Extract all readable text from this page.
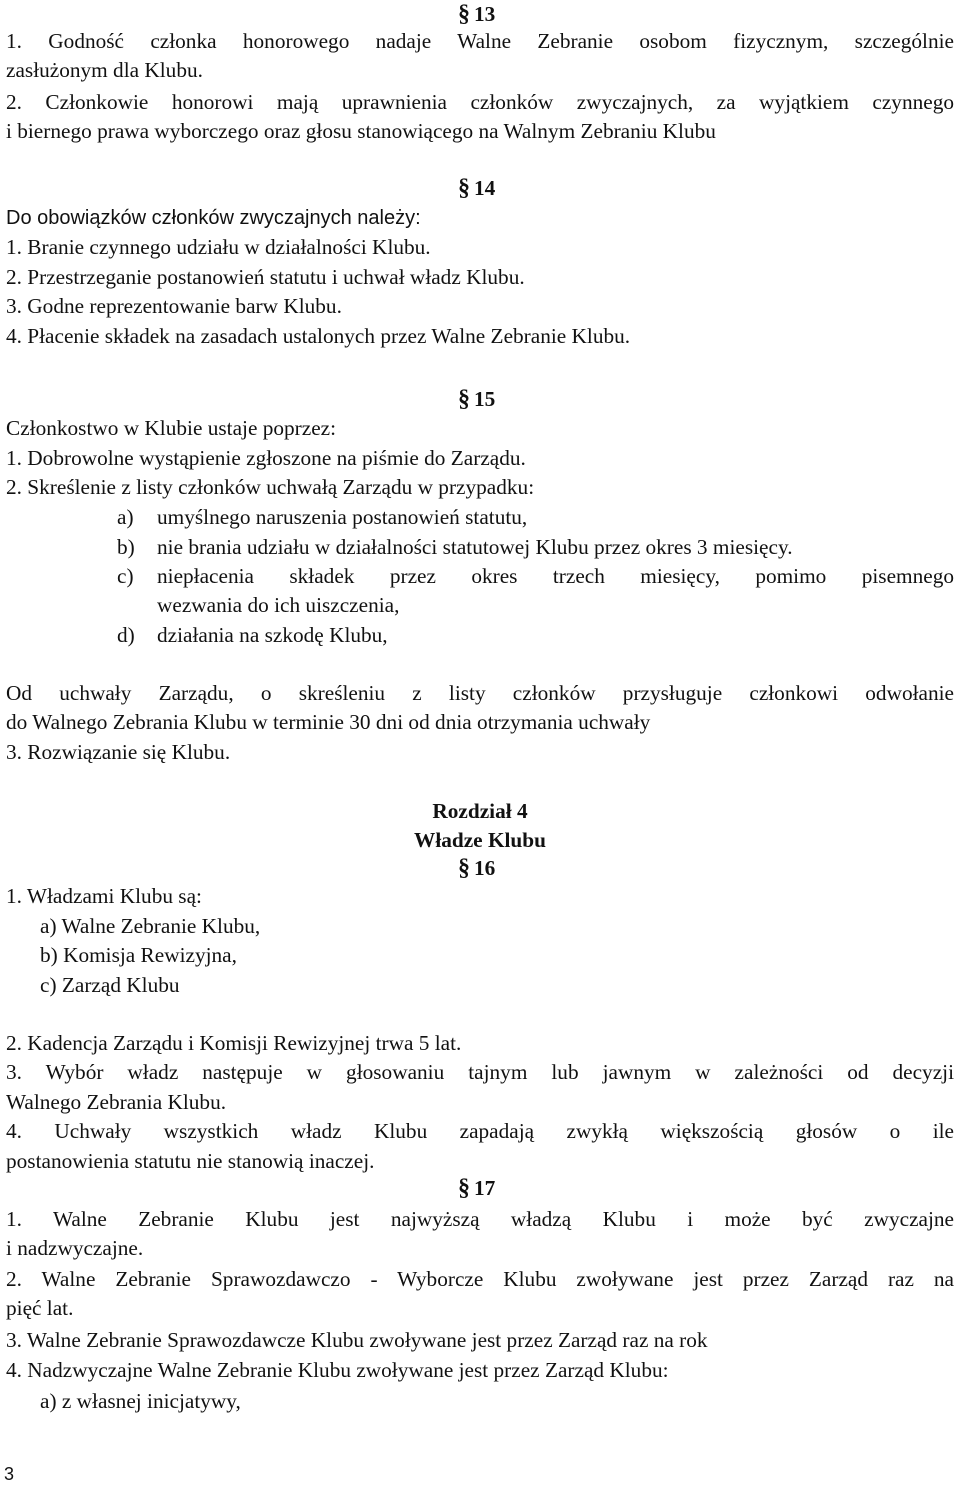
§ 13
1. Godność członka honorowego nadaje Walne Zebranie osobom fizycznym, szczególnie
zasłużonym dla Klubu.
2. Członkowie honorowi mają uprawnienia członków zwyczajnych, za wyjątkiem czynnego
i biernego prawa wyborczego oraz głosu stanowiącego na Walnym Zebraniu Klubu
§ 14
Do obowiązków członków zwyczajnych należy:
1. Branie czynnego udziału w działalności Klubu.
2. Przestrzeganie postanowień statutu i uchwał władz Klubu.
3. Godne reprezentowanie barw Klubu.
4. Płacenie składek na zasadach ustalonych przez Walne Zebranie Klubu.
§ 15
Członkostwo w Klubie ustaje poprzez:
1. Dobrowolne wystąpienie zgłoszone na piśmie do Zarządu.
2. Skreślenie z listy członków uchwałą Zarządu w przypadku:
a) umyślnego naruszenia postanowień statutu,
b) nie brania udziału w działalności statutowej Klubu przez okres 3 miesięcy.
c)	niepłacenia składek przez okres trzech miesięcy, pomimo pisemnego
wezwania do ich uiszczenia,
d) działania na szkodę Klubu,
Od uchwały Zarządu, o skreśleniu z listy członków przysługuje członkowi odwołanie
do Walnego Zebrania Klubu w terminie 30 dni od dnia otrzymania uchwały
3. Rozwiązanie się Klubu.
Rozdział 4
Władze Klubu
§ 16
1. Władzami Klubu są:
a) Walne Zebranie Klubu,
b) Komisja Rewizyjna,
c) Zarząd Klubu
2. Kadencja Zarządu i Komisji Rewizyjnej trwa 5 lat.
3. Wybór władz następuje w głosowaniu tajnym lub jawnym w zależności od decyzji
Walnego Zebrania Klubu.
4. Uchwały wszystkich władz Klubu zapadają zwykłą większością głosów o ile
postanowienia statutu nie stanowią inaczej.
§ 17
1. Walne Zebranie Klubu jest najwyższą władzą Klubu i może być zwyczajne
i nadzwyczajne.
2. Walne Zebranie Sprawozdawczo - Wyborcze Klubu zwoływane jest przez Zarząd raz na
pięć lat.
3. Walne Zebranie Sprawozdawcze Klubu zwoływane jest przez Zarząd raz na rok
4. Nadzwyczajne Walne Zebranie Klubu zwoływane jest przez Zarząd Klubu:
a) z własnej inicjatywy,
3
